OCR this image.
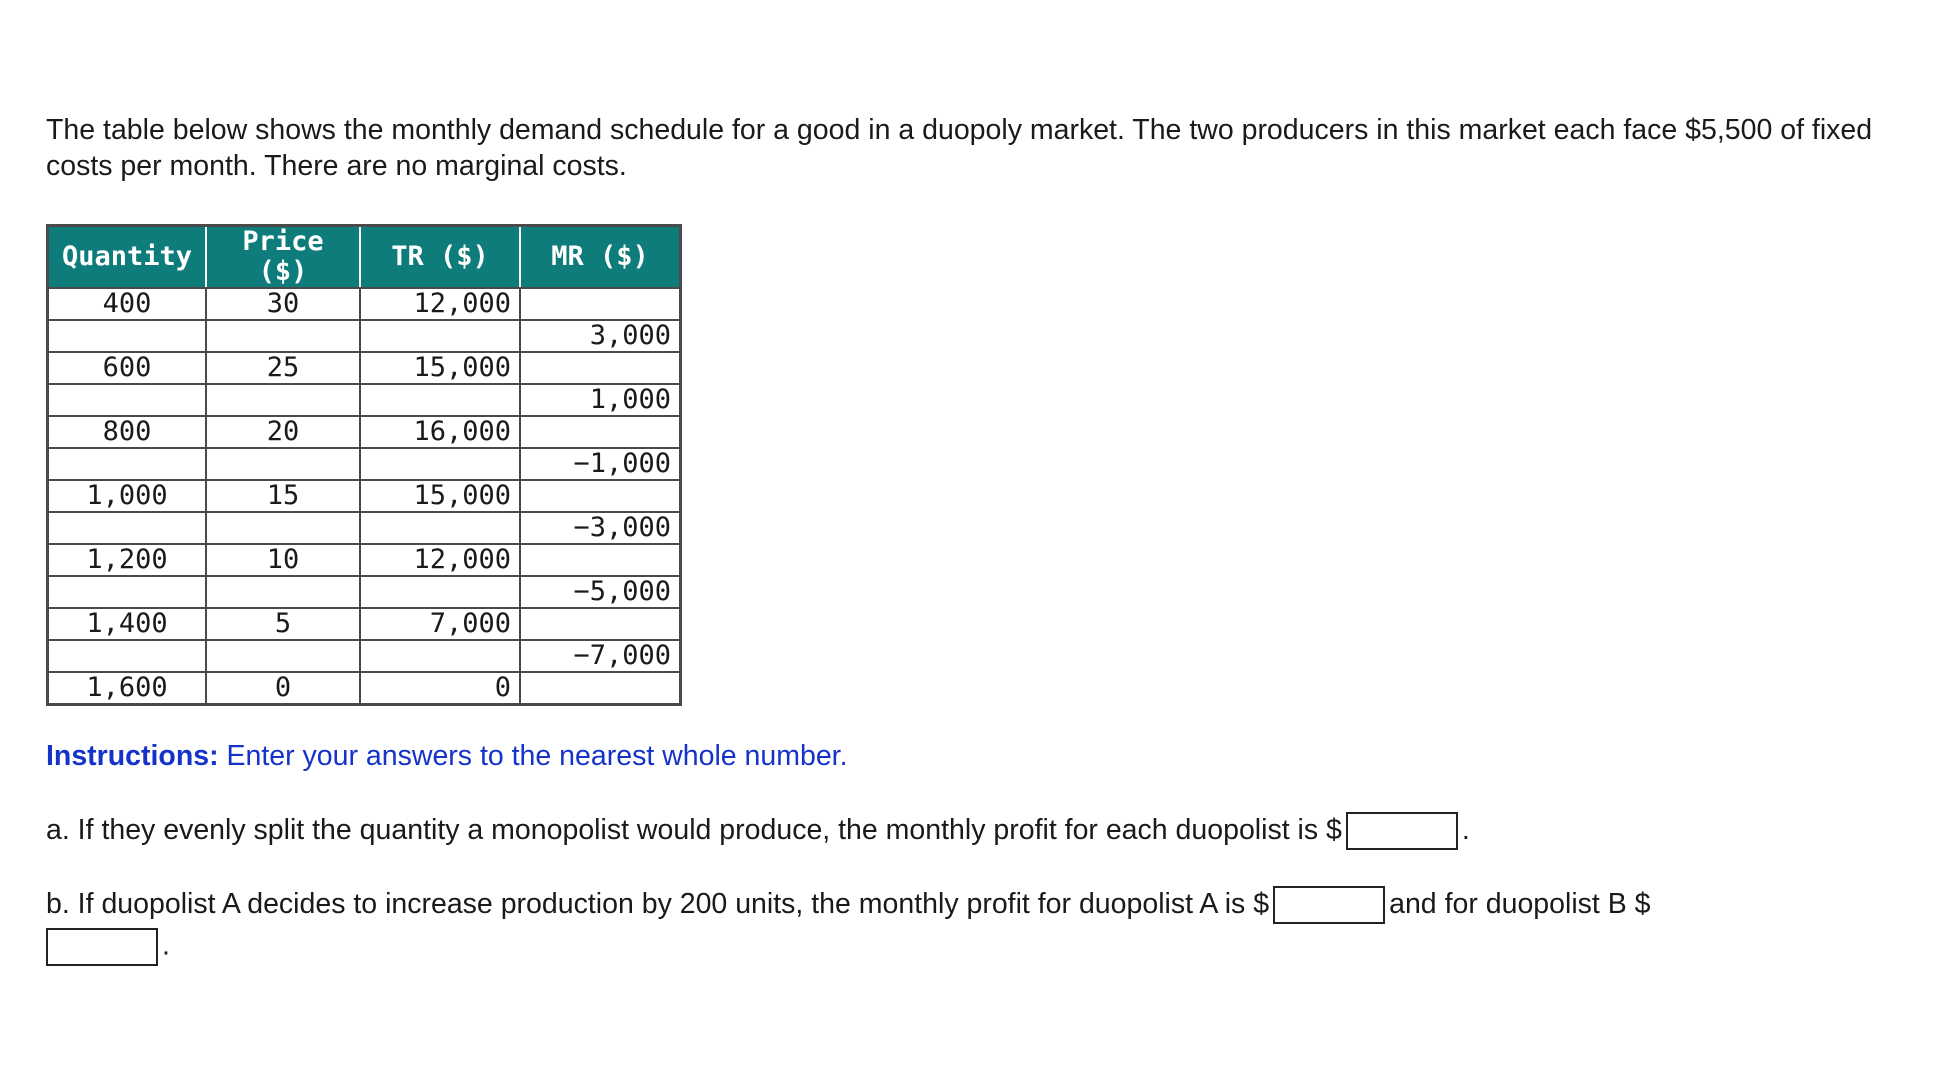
The table below shows the monthly demand schedule for a good in a duopoly market. The two producers in this market each face $5,500 of fixed costs per month. There are no marginal costs.

Quantity	Price ($)	TR ($)	MR ($)
400	30	12,000	
			3,000
600	25	15,000	
			1,000
800	20	16,000	
			−1,000
1,000	15	15,000	
			−3,000
1,200	10	12,000	
			−5,000
1,400	5	7,000	
			−7,000
1,600	0	0	

Instructions: Enter your answers to the nearest whole number.

a. If they evenly split the quantity a monopolist would produce, the monthly profit for each duopolist is $	.

b. If duopolist A decides to increase production by 200 units, the monthly profit for duopolist A is $	and for duopolist B $

.
